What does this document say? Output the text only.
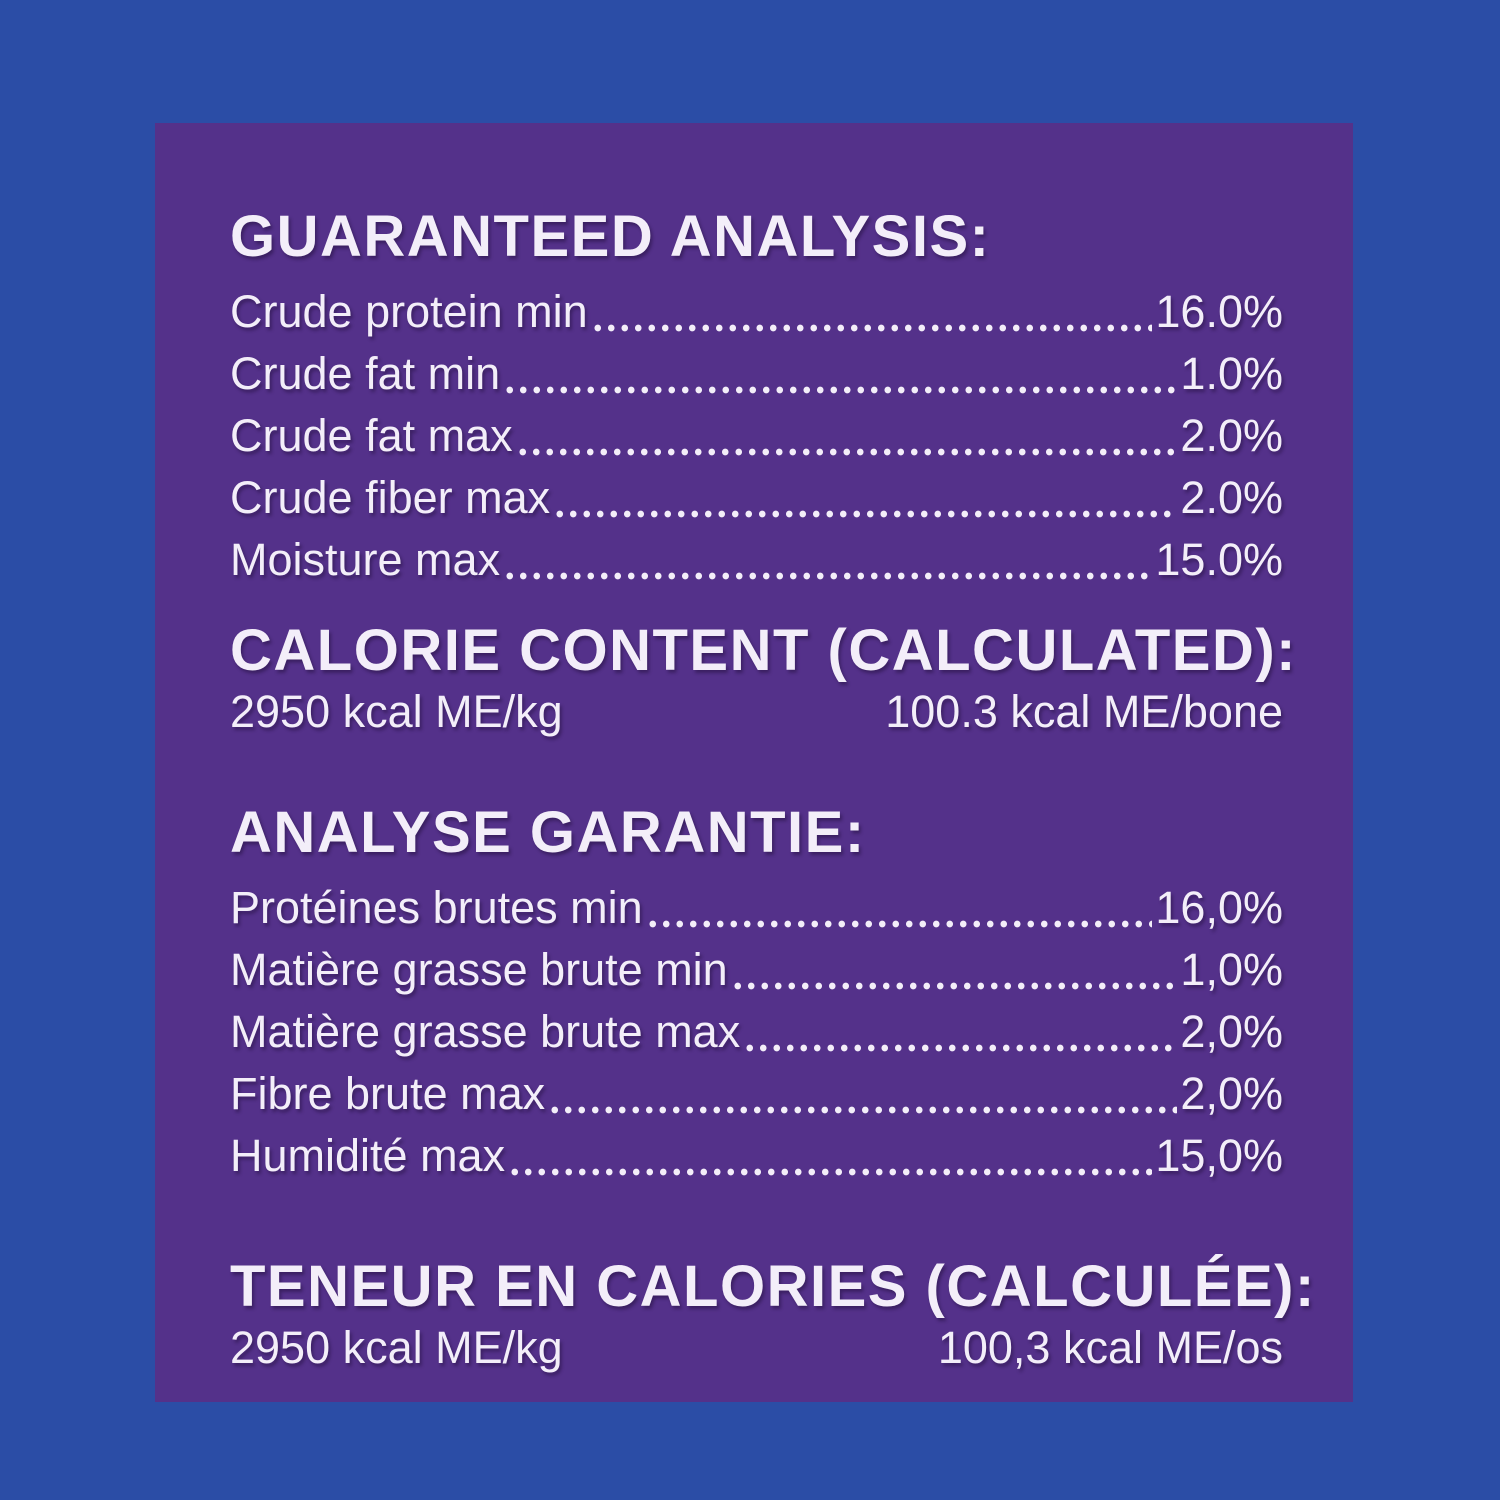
GUARANTEED ANALYSIS:
Crude protein min	16.0%
Crude fat min	1.0%
Crude fat max	2.0%
Crude fiber max	2.0%
Moisture max	15.0%
CALORIE CONTENT (CALCULATED):
2950 kcal ME/kg	100.3 kcal ME/bone
ANALYSE GARANTIE:
Protéines brutes min	16,0%
Matière grasse brute min	1,0%
Matière grasse brute max	2,0%
Fibre brute max	2,0%
Humidité max	15,0%
TENEUR EN CALORIES (CALCULÉE):
2950 kcal ME/kg	100,3 kcal ME/os
